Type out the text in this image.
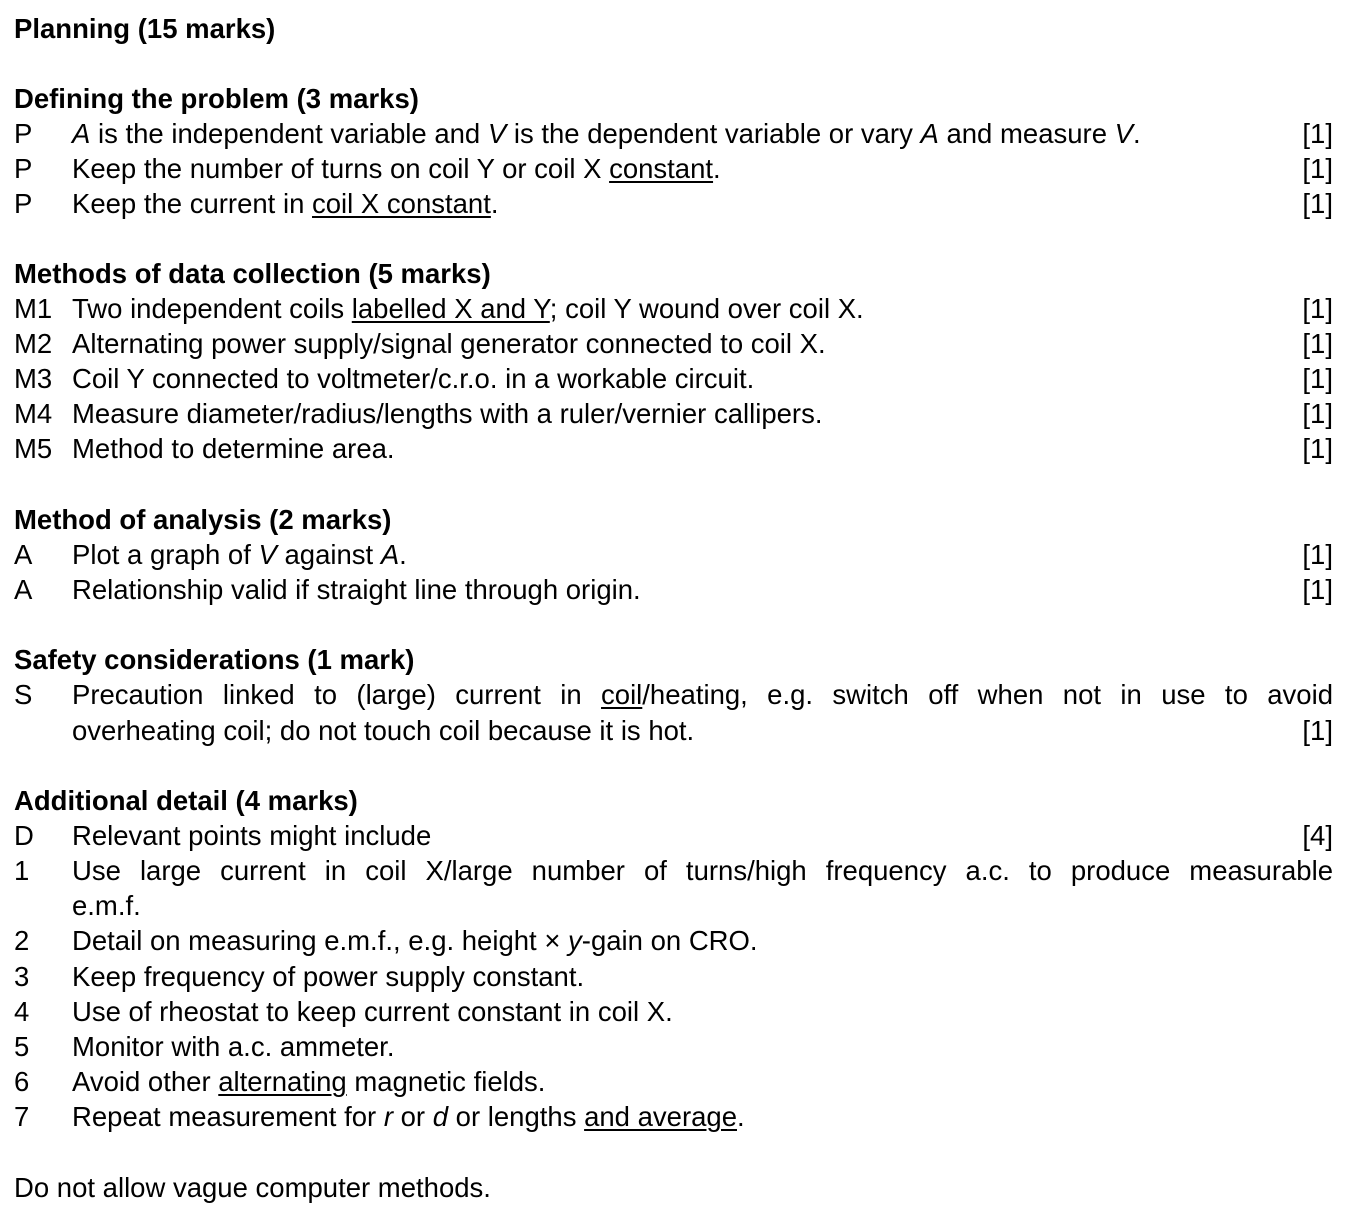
Planning (15 marks)
Defining the problem (3 marks)
P A is the independent variable and V is the dependent variable or vary A and measure V.	[1]
P Keep the number of turns on coil Y or coil X constant.	[1]
P Keep the current in coil X constant.	[1]
Methods of data collection (5 marks)
M1 Two independent coils labelled X and Y; coil Y wound over coil X.	[1]
M2 Alternating power supply/signal generator connected to coil X.	[1]
M3 Coil Y connected to voltmeter/c.r.o. in a workable circuit.	[1]
M4 Measure diameter/radius/lengths with a ruler/vernier callipers.	[1]
M5 Method to determine area.	[1]
Method of analysis (2 marks)
A Plot a graph of V against A.	[1]
A Relationship valid if straight line through origin.	[1]
Safety considerations (1 mark)
S Precaution linked to (large) current in coil/heating, e.g. switch off when not in use to avoid
overheating coil; do not touch coil because it is hot.	[1]
Additional detail (4 marks)
D Relevant points might include	[4]
1 Use large current in coil X/large number of turns/high frequency a.c. to produce measurable
e.m.f.
2 Detail on measuring e.m.f., e.g. height × y-gain on CRO.
3 Keep frequency of power supply constant.
4 Use of rheostat to keep current constant in coil X.
5 Monitor with a.c. ammeter.
6 Avoid other alternating magnetic fields.
7 Repeat measurement for r or d or lengths and average.
Do not allow vague computer methods.
